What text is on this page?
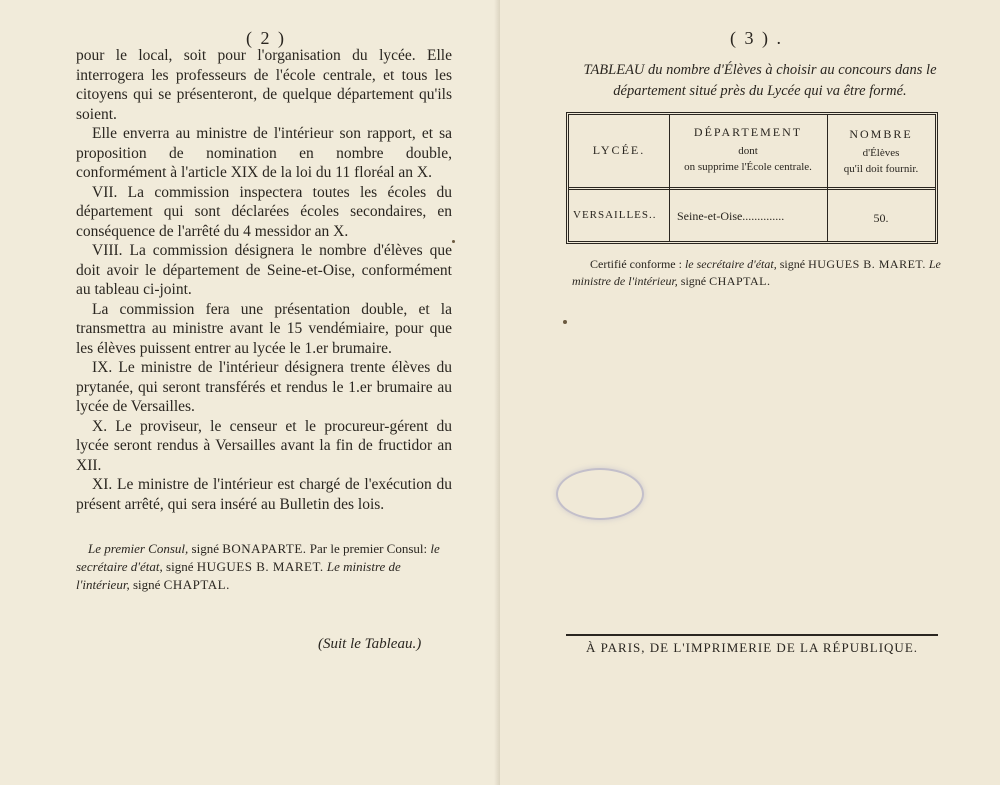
( 2 )

pour le local, soit pour l'organisation du lycée. Elle interrogera les professeurs de l'école centrale, et tous les citoyens qui se présenteront, de quelque département qu'ils soient.

Elle enverra au ministre de l'intérieur son rapport, et sa proposition de nomination en nombre double, conformément à l'article XIX de la loi du 11 floréal an X.

VII. La commission inspectera toutes les écoles du département qui sont déclarées écoles secondaires, en conséquence de l'arrêté du 4 messidor an X.

VIII. La commission désignera le nombre d'élèves que doit avoir le département de Seine-et-Oise, conformément au tableau ci-joint.

La commission fera une présentation double, et la transmettra au ministre avant le 15 vendémiaire, pour que les élèves puissent entrer au lycée le 1.er brumaire.

IX. Le ministre de l'intérieur désignera trente élèves du prytanée, qui seront transférés et rendus le 1.er brumaire au lycée de Versailles.

X. Le proviseur, le censeur et le procureur-gérent du lycée seront rendus à Versailles avant la fin de fructidor an XII.

XI. Le ministre de l'intérieur est chargé de l'exécution du présent arrêté, qui sera inséré au Bulletin des lois.

Le premier Consul, signé BONAPARTE. Par le premier Consul: le secrétaire d'état, signé HUGUES B. MARET. Le ministre de l'intérieur, signé CHAPTAL.
(Suit le Tableau.)
( 3 ) .
TABLEAU du nombre d'Élèves à choisir au concours dans le département situé près du Lycée qui va être formé.
LYCÉE.
DÉPARTEMENT
dont
on supprime l'École centrale.
NOMBRE
d'Élèves
qu'il doit fournir.
VERSAILLES..	Seine-et-Oise..............	50.
Certifié conforme : le secrétaire d'état, signé HUGUES B. MARET. Le ministre de l'intérieur, signé CHAPTAL.
À PARIS, DE L'IMPRIMERIE DE LA RÉPUBLIQUE.
